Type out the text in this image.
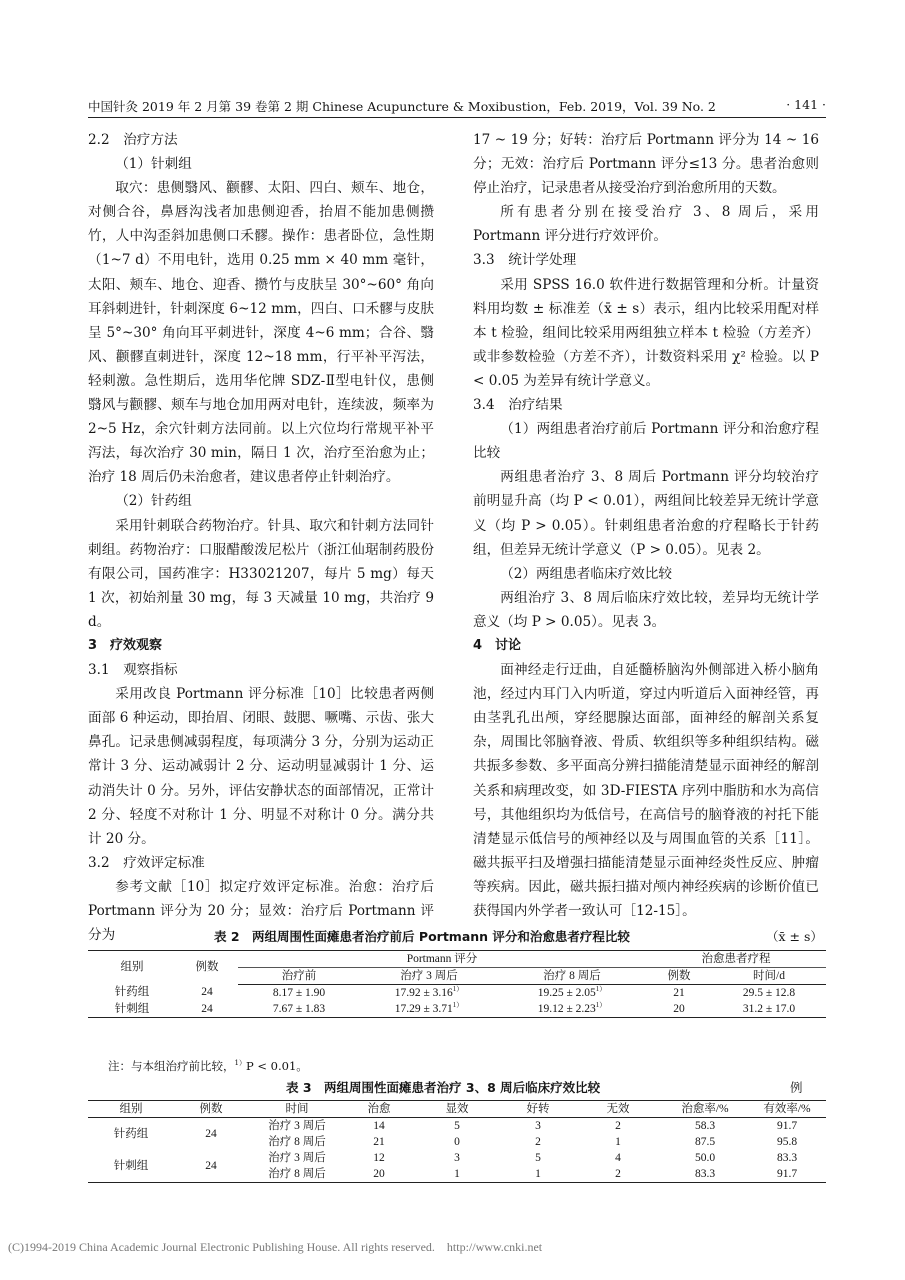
中国针灸 2019 年 2 月第 39 卷第 2 期 Chinese Acupuncture & Moxibustion，Feb. 2019，Vol. 39 No. 2	· 141 ·

2.2　治疗方法

（1）针刺组

取穴：患侧翳风、颧髎、太阳、四白、颊车、地仓，对侧合谷，鼻唇沟浅者加患侧迎香，抬眉不能加患侧攒竹，人中沟歪斜加患侧口禾髎。操作：患者卧位，急性期（1~7 d）不用电针，选用 0.25 mm × 40 mm 毫针，太阳、颊车、地仓、迎香、攒竹与皮肤呈 30°~60° 角向耳斜刺进针，针刺深度 6~12 mm，四白、口禾髎与皮肤呈 5°~30° 角向耳平刺进针，深度 4~6 mm；合谷、翳风、颧髎直刺进针，深度 12~18 mm，行平补平泻法，轻刺激。急性期后，选用华佗牌 SDZ-Ⅱ型电针仪，患侧翳风与颧髎、颊车与地仓加用两对电针，连续波，频率为 2~5 Hz，余穴针刺方法同前。以上穴位均行常规平补平泻法，每次治疗 30 min，隔日 1 次，治疗至治愈为止；治疗 18 周后仍未治愈者，建议患者停止针刺治疗。

（2）针药组

采用针刺联合药物治疗。针具、取穴和针刺方法同针刺组。药物治疗：口服醋酸泼尼松片（浙江仙琚制药股份有限公司，国药准字：H33021207，每片 5 mg）每天 1 次，初始剂量 30 mg，每 3 天减量 10 mg，共治疗 9 d。

3　疗效观察

3.1　观察指标

采用改良 Portmann 评分标准［10］比较患者两侧面部 6 种运动，即抬眉、闭眼、鼓腮、噘嘴、示齿、张大鼻孔。记录患侧减弱程度，每项满分 3 分，分别为运动正常计 3 分、运动减弱计 2 分、运动明显减弱计 1 分、运动消失计 0 分。另外，评估安静状态的面部情况，正常计 2 分、轻度不对称计 1 分、明显不对称计 0 分。满分共计 20 分。

3.2　疗效评定标准

参考文献［10］拟定疗效评定标准。治愈：治疗后 Portmann 评分为 20 分；显效：治疗后 Portmann 评分为

17 ~ 19 分；好转：治疗后 Portmann 评分为 14 ~ 16 分；无效：治疗后 Portmann 评分≤13 分。患者治愈则停止治疗，记录患者从接受治疗到治愈所用的天数。

所有患者分别在接受治疗 3、8 周后，采用 Portmann 评分进行疗效评价。

3.3　统计学处理

采用 SPSS 16.0 软件进行数据管理和分析。计量资料用均数 ± 标准差（x̄ ± s）表示，组内比较采用配对样本 t 检验，组间比较采用两组独立样本 t 检验（方差齐）或非参数检验（方差不齐），计数资料采用 χ² 检验。以 P < 0.05 为差异有统计学意义。

3.4　治疗结果

（1）两组患者治疗前后 Portmann 评分和治愈疗程比较

两组患者治疗 3、8 周后 Portmann 评分均较治疗前明显升高（均 P < 0.01），两组间比较差异无统计学意义（均 P > 0.05）。针刺组患者治愈的疗程略长于针药组，但差异无统计学意义（P > 0.05）。见表 2。

（2）两组患者临床疗效比较

两组治疗 3、8 周后临床疗效比较，差异均无统计学意义（均 P > 0.05）。见表 3。

4　讨论

面神经走行迂曲，自延髓桥脑沟外侧部进入桥小脑角池，经过内耳门入内听道，穿过内听道后入面神经管，再由茎乳孔出颅，穿经腮腺达面部，面神经的解剖关系复杂，周围比邻脑脊液、骨质、软组织等多种组织结构。磁共振多参数、多平面高分辨扫描能清楚显示面神经的解剖关系和病理改变，如 3D-FIESTA 序列中脂肪和水为高信号，其他组织均为低信号，在高信号的脑脊液的衬托下能清楚显示低信号的颅神经以及与周围血管的关系［11］。磁共振平扫及增强扫描能清楚显示面神经炎性反应、肿瘤等疾病。因此，磁共振扫描对颅内神经疾病的诊断价值已获得国内外学者一致认可［12-15］。

表 2　两组周围性面瘫患者治疗前后 Portmann 评分和治愈患者疗程比较	（x̄ ± s）
组别	例数	Portmann 评分			治愈患者疗程	
		治疗前	治疗 3 周后	治疗 8 周后	例数	时间/d
针药组	24	8.17 ± 1.90	$17.92 \pm 3.16^{1)}$	$19.25 \pm 2.05^{1)}$	21	29.5 ± 12.8
针刺组	24	7.67 ± 1.83	$17.29 \pm 3.71^{1)}$	$19.12 \pm 2.23^{1)}$	20	31.2 ± 17.0
注：与本组治疗前比较，$^{1)}$P < 0.01。
表 3　两组周围性面瘫患者治疗 3、8 周后临床疗效比较	例
组别	例数	时间	治愈	显效	好转	无效	治愈率/%	有效率/%
针药组	24	治疗 3 周后	14	5	3	2	58.3	91.7
		治疗 8 周后	21	0	2	1	87.5	95.8
针刺组	24	治疗 3 周后	12	3	5	4	50.0	83.3
		治疗 8 周后	20	1	1	2	83.3	91.7
(C)1994-2019 China Academic Journal Electronic Publishing House. All rights reserved.　http://www.cnki.net
